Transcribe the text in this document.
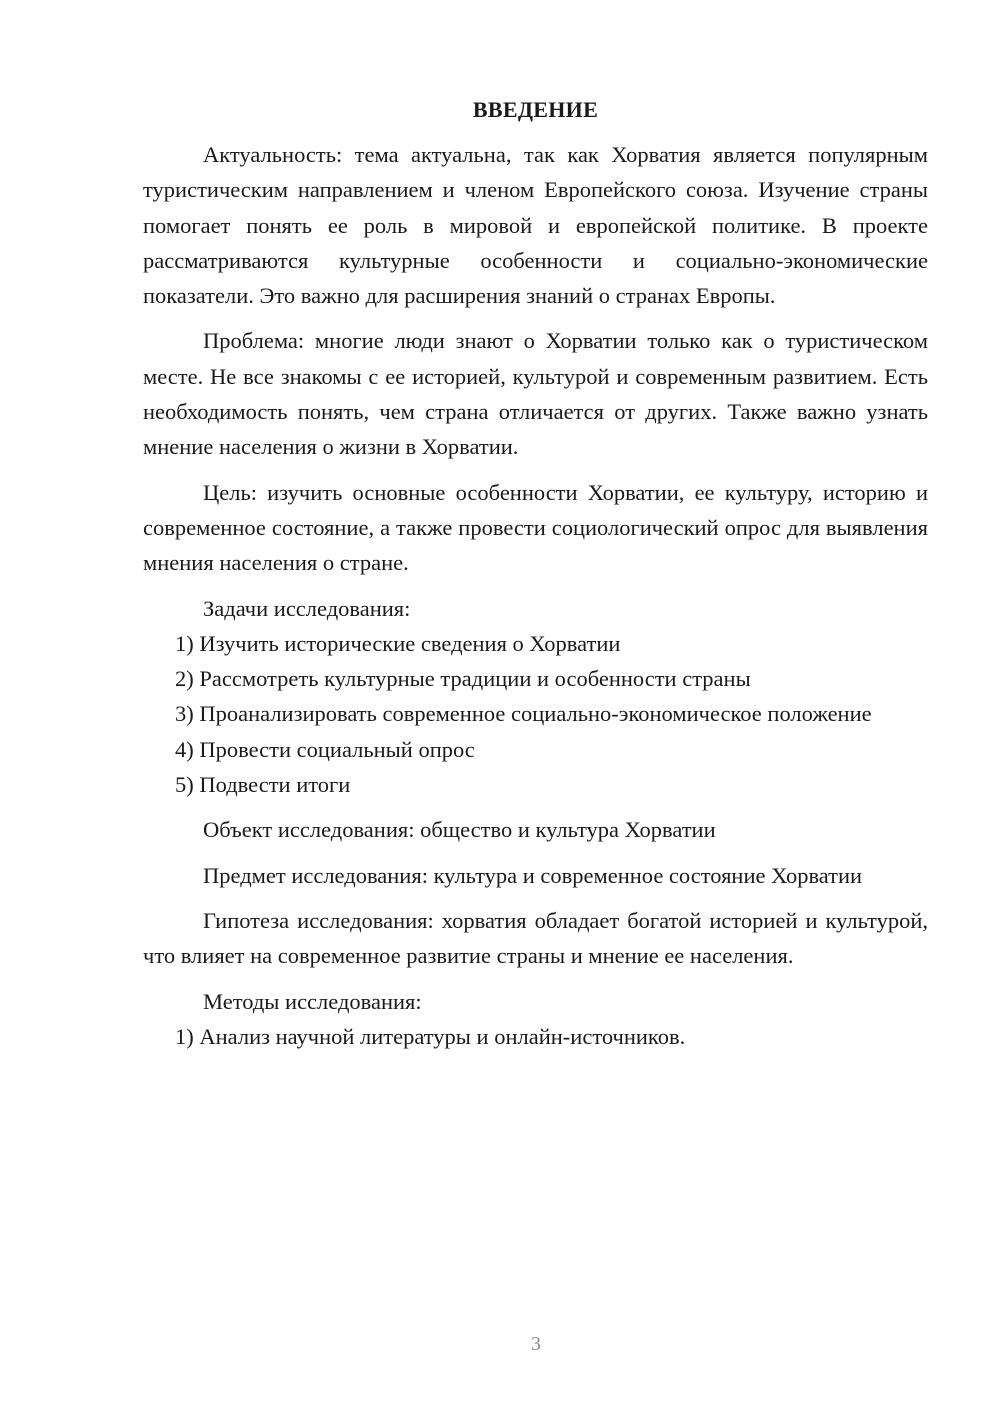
ВВЕДЕНИЕ

Актуальность: тема актуальна, так как Хорватия является популярным туристическим направлением и членом Европейского союза. Изучение страны помогает понять ее роль в мировой и европейской политике. В проекте рассматриваются культурные особенности и социально-экономические показатели. Это важно для расширения знаний о странах Европы.

Проблема: многие люди знают о Хорватии только как о туристическом месте. Не все знакомы с ее историей, культурой и современным развитием. Есть необходимость понять, чем страна отличается от других. Также важно узнать мнение населения о жизни в Хорватии.

Цель: изучить основные особенности Хорватии, ее культуру, историю и современное состояние, а также провести социологический опрос для выявления мнения населения о стране.

Задачи исследования:

1) Изучить исторические сведения о Хорватии

2) Рассмотреть культурные традиции и особенности страны

3) Проанализировать современное социально-экономическое положение

4) Провести социальный опрос

5) Подвести итоги

Объект исследования: общество и культура Хорватии

Предмет исследования: культура и современное состояние Хорватии

Гипотеза исследования: хорватия обладает богатой историей и культурой, что влияет на современное развитие страны и мнение ее населения.

Методы исследования:

1) Анализ научной литературы и онлайн-источников.

3
